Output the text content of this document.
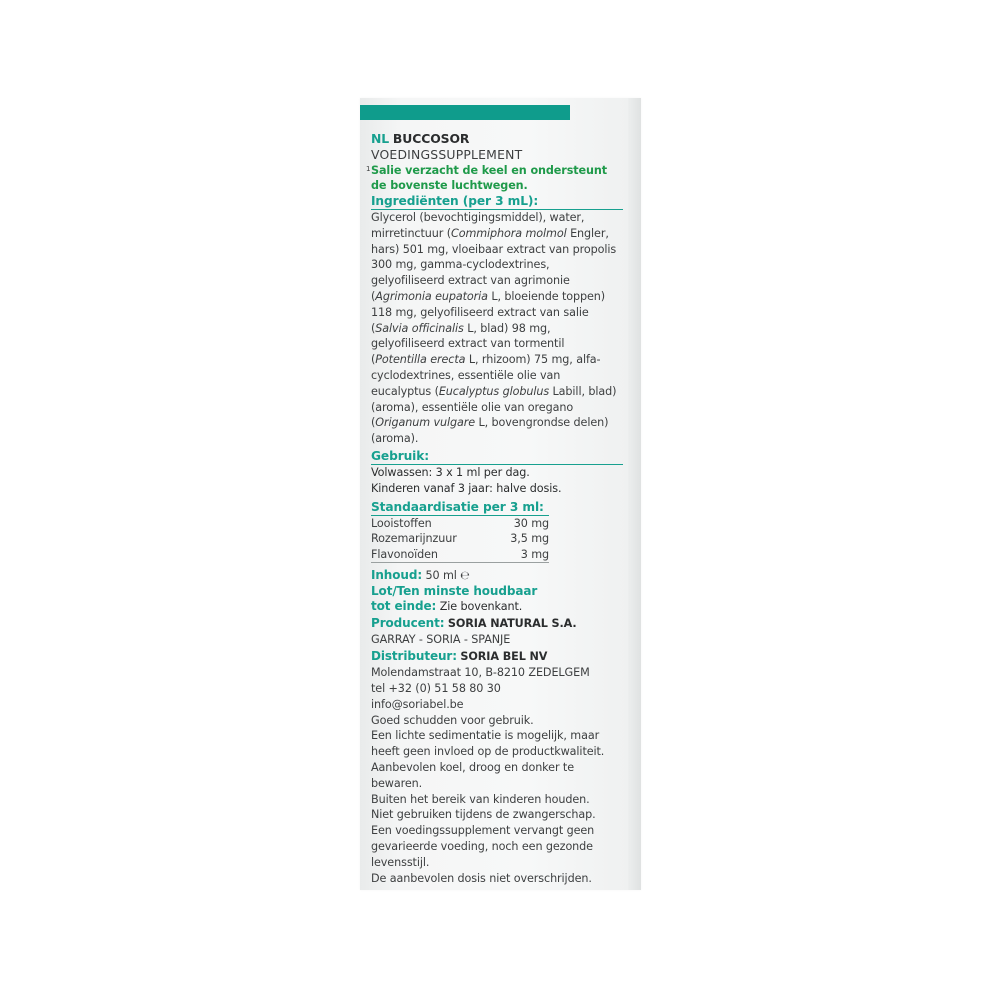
NL BUCCOSOR
VOEDINGSSUPPLEMENT
1 Salie verzacht de keel en ondersteunt de bovenste luchtwegen.
Ingrediënten (per 3 mL):

Glycerol (bevochtigingsmiddel), water, mirretinctuur (Commiphora molmol Engler, hars) 501 mg, vloeibaar extract van propolis 300 mg, gamma-cyclodextrines, gelyofiliseerd extract van agrimonie (Agrimonia eupatoria L, bloeiende toppen) 118 mg, gelyofiliseerd extract van salie (Salvia officinalis L, blad) 98 mg, gelyofiliseerd extract van tormentil (Potentilla erecta L, rhizoom) 75 mg, alfa-cyclodextrines, essentiële olie van eucalyptus (Eucalyptus globulus Labill, blad) (aroma), essentiële olie van oregano (Origanum vulgare L, bovengrondse delen) (aroma).

Gebruik:
Volwassen: 3 x 1 ml per dag.
Kinderen vanaf 3 jaar: halve dosis.
Standaardisatie per 3 ml:
Looistoffen	30 mg
Rozemarijnzuur	3,5 mg
Flavonoïden	3 mg
Inhoud: 50 ml ℮
Lot/Ten minste houdbaar
tot einde: Zie bovenkant.
Producent: SORIA NATURAL S.A.
GARRAY - SORIA - SPANJE
Distributeur: SORIA BEL NV
Molendamstraat 10, B-8210 ZEDELGEM
tel +32 (0) 51 58 80 30
info@soriabel.be
Goed schudden voor gebruik.
Een lichte sedimentatie is mogelijk, maar heeft geen invloed op de productkwaliteit.
Aanbevolen koel, droog en donker te bewaren.
Buiten het bereik van kinderen houden.
Niet gebruiken tijdens de zwangerschap.
Een voedingssupplement vervangt geen gevarieerde voeding, noch een gezonde levensstijl.
De aanbevolen dosis niet overschrijden.
